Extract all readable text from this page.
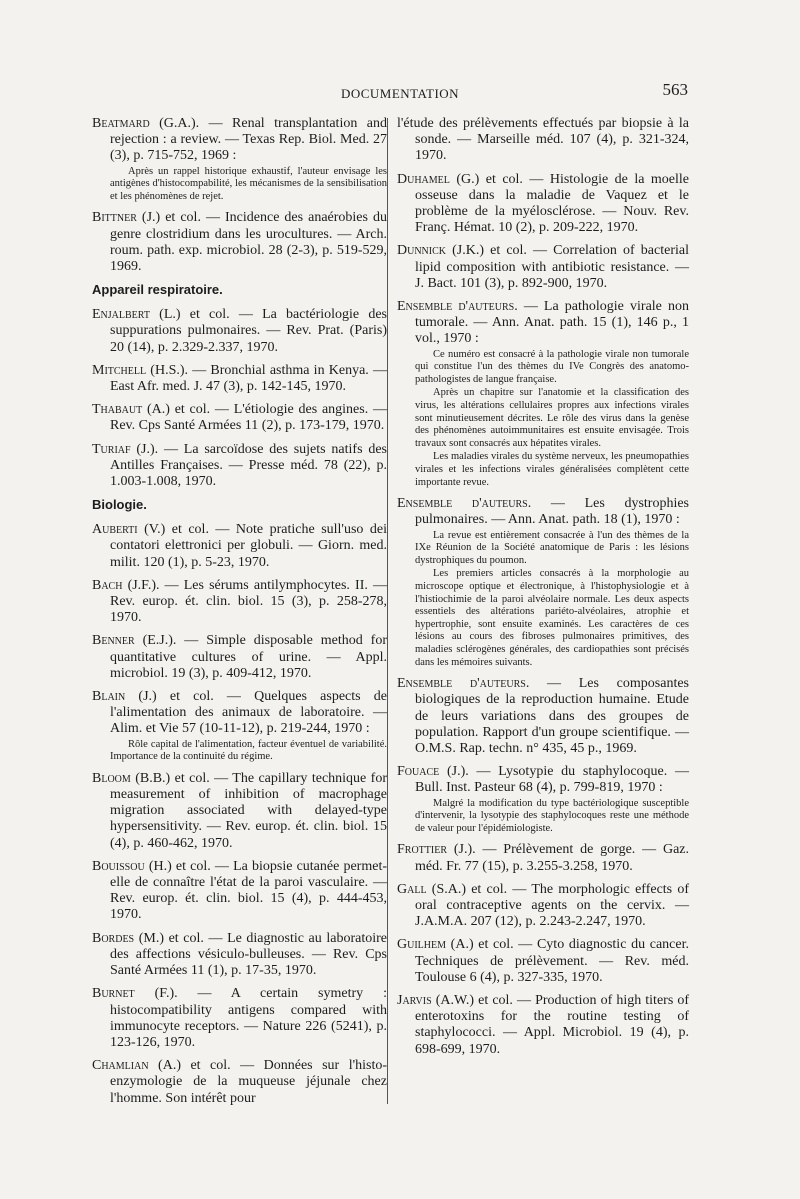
DOCUMENTATION	563
Beatmard (G.A.). — Renal transplantation and rejection : a review. — Texas Rep. Biol. Med. 27 (3), p. 715-752, 1969 :
Après un rappel historique exhaustif, l'auteur envisage les antigènes d'histocompabilité, les mécanismes de la sensibilisation et les phénomènes de rejet.
Bittner (J.) et col. — Incidence des anaérobies du genre clostridium dans les urocultures. — Arch. roum. path. exp. microbiol. 28 (2-3), p. 519-529, 1969.
Appareil respiratoire.
Enjalbert (L.) et col. — La bactériologie des suppurations pulmonaires. — Rev. Prat. (Paris) 20 (14), p. 2.329-2.337, 1970.
Mitchell (H.S.). — Bronchial asthma in Kenya. — East Afr. med. J. 47 (3), p. 142-145, 1970.
Thabaut (A.) et col. — L'étiologie des angines. — Rev. Cps Santé Armées 11 (2), p. 173-179, 1970.
Turiaf (J.). — La sarcoïdose des sujets natifs des Antilles Françaises. — Presse méd. 78 (22), p. 1.003-1.008, 1970.
Biologie.
Auberti (V.) et col. — Note pratiche sull'uso dei contatori elettronici per globuli. — Giorn. med. milit. 120 (1), p. 5-23, 1970.
Bach (J.F.). — Les sérums antilymphocytes. II. — Rev. europ. ét. clin. biol. 15 (3), p. 258-278, 1970.
Benner (E.J.). — Simple disposable method for quantitative cultures of urine. — Appl. microbiol. 19 (3), p. 409-412, 1970.
Blain (J.) et col. — Quelques aspects de l'alimentation des animaux de laboratoire. — Alim. et Vie 57 (10-11-12), p. 219-244, 1970 :
Rôle capital de l'alimentation, facteur éventuel de variabilité. Importance de la continuité du régime.
Bloom (B.B.) et col. — The capillary technique for measurement of inhibition of macrophage migration associated with delayed-type hypersensitivity. — Rev. europ. ét. clin. biol. 15 (4), p. 460-462, 1970.
Bouissou (H.) et col. — La biopsie cutanée permet-elle de connaître l'état de la paroi vasculaire. — Rev. europ. ét. clin. biol. 15 (4), p. 444-453, 1970.
Bordes (M.) et col. — Le diagnostic au laboratoire des affections vésiculo-bulleuses. — Rev. Cps Santé Armées 11 (1), p. 17-35, 1970.
Burnet (F.). — A certain symetry : histocompatibility antigens compared with immunocyte receptors. — Nature 226 (5241), p. 123-126, 1970.
Chamlian (A.) et col. — Données sur l'histo-enzymologie de la muqueuse jéjunale chez l'homme. Son intérêt pour
l'étude des prélèvements effectués par biopsie à la sonde. — Marseille méd. 107 (4), p. 321-324, 1970.
Duhamel (G.) et col. — Histologie de la moelle osseuse dans la maladie de Vaquez et le problème de la myélosclérose. — Nouv. Rev. Franç. Hémat. 10 (2), p. 209-222, 1970.
Dunnick (J.K.) et col. — Correlation of bacterial lipid composition with antibiotic resistance. — J. Bact. 101 (3), p. 892-900, 1970.
Ensemble d'auteurs. — La pathologie virale non tumorale. — Ann. Anat. path. 15 (1), 146 p., 1 vol., 1970 :
Ce numéro est consacré à la pathologie virale non tumorale qui constitue l'un des thèmes du IVe Congrès des anatomo-pathologistes de langue française.
Après un chapitre sur l'anatomie et la classification des virus, les altérations cellulaires propres aux infections virales sont minutieusement décrites. Le rôle des virus dans la genèse des phénomènes autoimmunitaires est ensuite envisagée. Trois travaux sont consacrés aux hépatites virales.
Les maladies virales du système nerveux, les pneumopathies virales et les infections virales généralisées complètent cette importante revue.
Ensemble d'auteurs. — Les dystrophies pulmonaires. — Ann. Anat. path. 18 (1), 1970 :
La revue est entièrement consacrée à l'un des thèmes de la IXe Réunion de la Société anatomique de Paris : les lésions dystrophiques du poumon.
Les premiers articles consacrés à la morphologie au microscope optique et électronique, à l'histophysiologie et à l'histiochimie de la paroi alvéolaire normale. Les deux aspects essentiels des altérations pariéto-alvéolaires, atrophie et hypertrophie, sont ensuite examinés. Les caractères de ces lésions au cours des fibroses pulmonaires primitives, des maladies sclérogènes générales, des cardiopathies sont précisés dans les mémoires suivants.
Ensemble d'auteurs. — Les composantes biologiques de la reproduction humaine. Etude de leurs variations dans des groupes de population. Rapport d'un groupe scientifique. — O.M.S. Rap. techn. n° 435, 45 p., 1969.
Fouace (J.). — Lysotypie du staphylocoque. — Bull. Inst. Pasteur 68 (4), p. 799-819, 1970 :
Malgré la modification du type bactériologique susceptible d'intervenir, la lysotypie des staphylocoques reste une méthode de valeur pour l'épidémiologiste.
Frottier (J.). — Prélèvement de gorge. — Gaz. méd. Fr. 77 (15), p. 3.255-3.258, 1970.
Gall (S.A.) et col. — The morphologic effects of oral contraceptive agents on the cervix. — J.A.M.A. 207 (12), p. 2.243-2.247, 1970.
Guilhem (A.) et col. — Cyto diagnostic du cancer. Techniques de prélèvement. — Rev. méd. Toulouse 6 (4), p. 327-335, 1970.
Jarvis (A.W.) et col. — Production of high titers of enterotoxins for the routine testing of staphylococci. — Appl. Microbiol. 19 (4), p. 698-699, 1970.
